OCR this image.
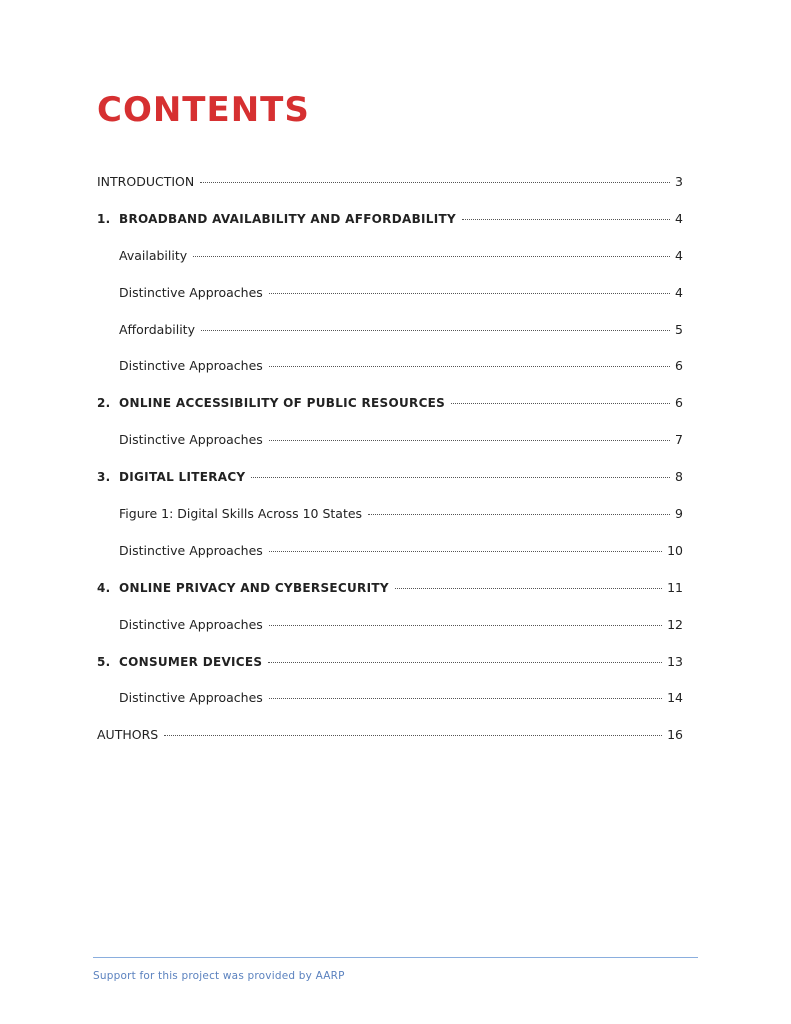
CONTENTS
INTRODUCTION	3
1. BROADBAND AVAILABILITY AND AFFORDABILITY	4
Availability	4
Distinctive Approaches	4
Affordability	5
Distinctive Approaches	6
2. ONLINE ACCESSIBILITY OF PUBLIC RESOURCES	6
Distinctive Approaches	7
3. DIGITAL LITERACY	8
Figure 1: Digital Skills Across 10 States	9
Distinctive Approaches	10
4. ONLINE PRIVACY AND CYBERSECURITY	11
Distinctive Approaches	12
5. CONSUMER DEVICES	13
Distinctive Approaches	14
AUTHORS	16
Support for this project was provided by AARP
